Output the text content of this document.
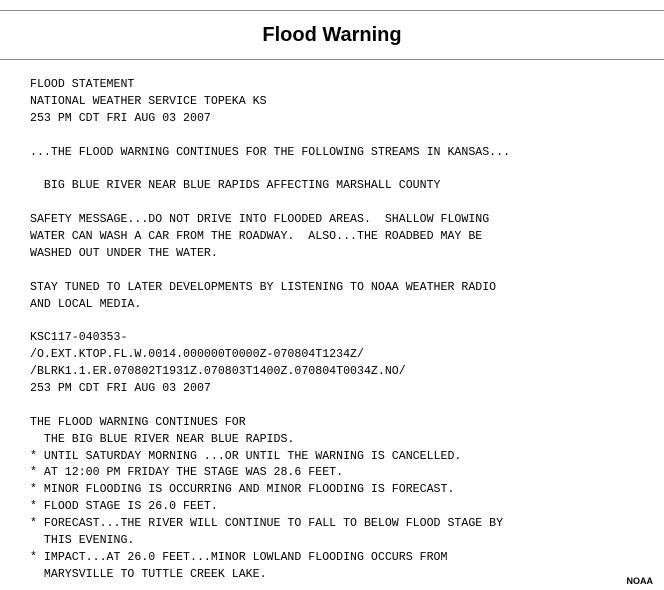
Flood Warning
FLOOD STATEMENT
NATIONAL WEATHER SERVICE TOPEKA KS
253 PM CDT FRI AUG 03 2007
...THE FLOOD WARNING CONTINUES FOR THE FOLLOWING STREAMS IN KANSAS...
BIG BLUE RIVER NEAR BLUE RAPIDS AFFECTING MARSHALL COUNTY
SAFETY MESSAGE...DO NOT DRIVE INTO FLOODED AREAS.  SHALLOW FLOWING
WATER CAN WASH A CAR FROM THE ROADWAY.  ALSO...THE ROADBED MAY BE
WASHED OUT UNDER THE WATER.
STAY TUNED TO LATER DEVELOPMENTS BY LISTENING TO NOAA WEATHER RADIO
AND LOCAL MEDIA.
KSC117-040353-
/O.EXT.KTOP.FL.W.0014.000000T0000Z-070804T1234Z/
/BLRK1.1.ER.070802T1931Z.070803T1400Z.070804T0034Z.NO/
253 PM CDT FRI AUG 03 2007
THE FLOOD WARNING CONTINUES FOR
THE BIG BLUE RIVER NEAR BLUE RAPIDS.
* UNTIL SATURDAY MORNING ...OR UNTIL THE WARNING IS CANCELLED.
* AT 12:00 PM FRIDAY THE STAGE WAS 28.6 FEET.
* MINOR FLOODING IS OCCURRING AND MINOR FLOODING IS FORECAST.
* FLOOD STAGE IS 26.0 FEET.
* FORECAST...THE RIVER WILL CONTINUE TO FALL TO BELOW FLOOD STAGE BY
THIS EVENING.
* IMPACT...AT 26.0 FEET...MINOR LOWLAND FLOODING OCCURS FROM
MARYSVILLE TO TUTTLE CREEK LAKE.
NOAA
